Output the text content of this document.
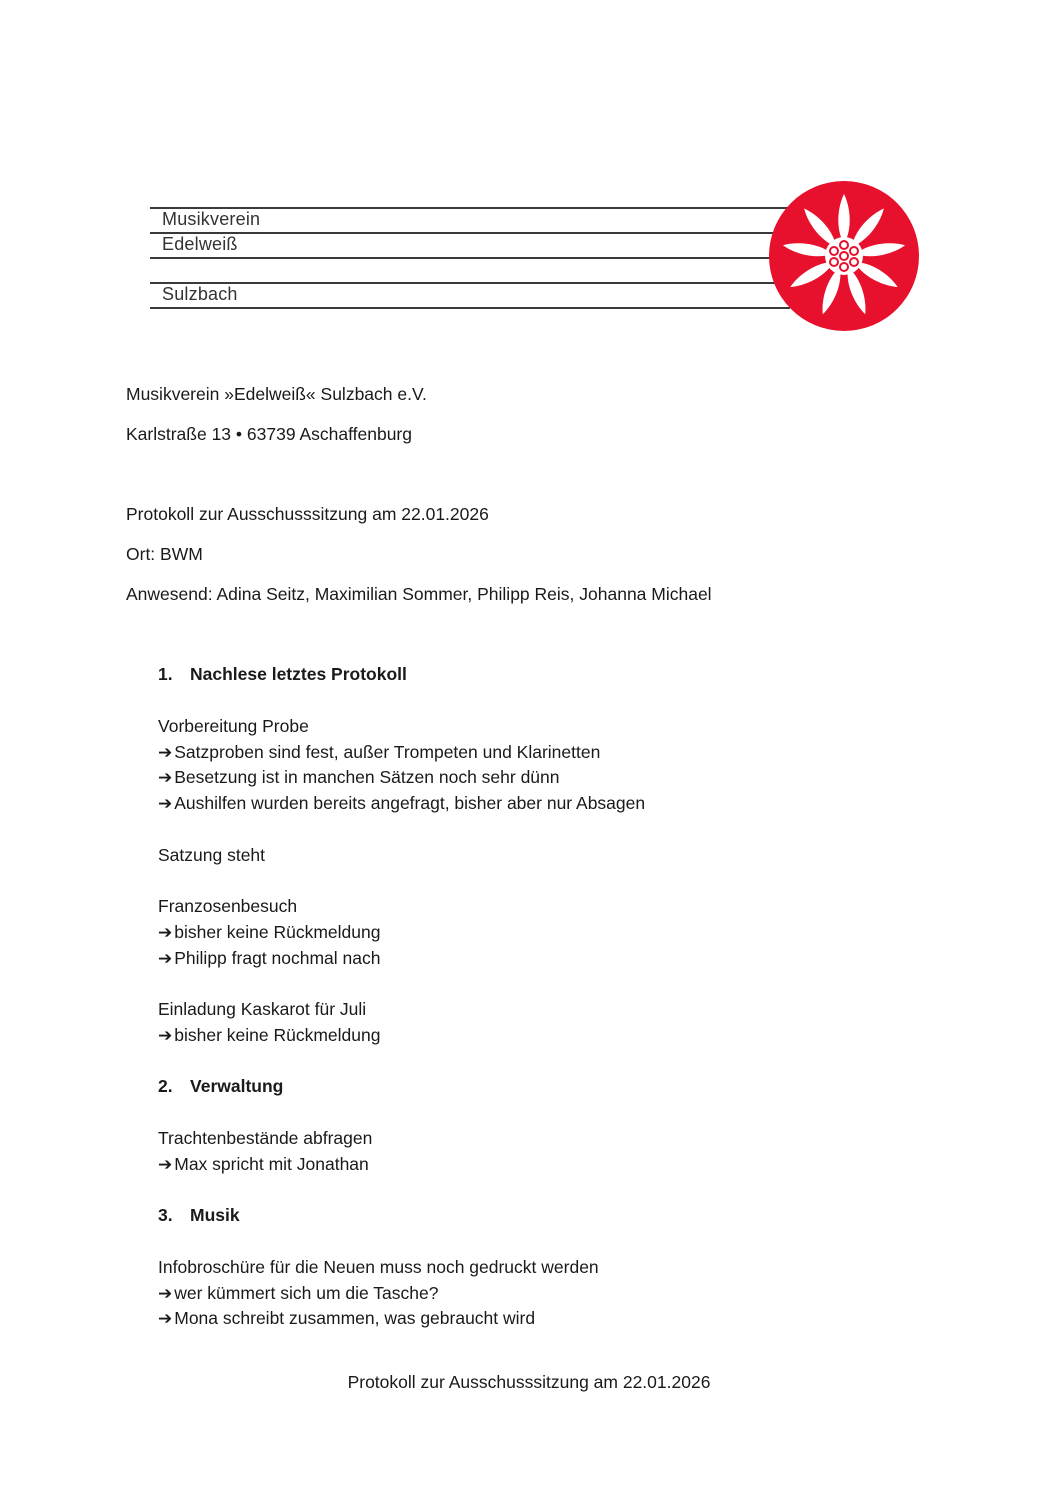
Musikverein
Edelweiß
Sulzbach
Musikverein »Edelweiß« Sulzbach e.V.
Karlstraße 13 • 63739 Aschaffenburg
Protokoll zur Ausschusssitzung am 22.01.2026
Ort: BWM
Anwesend: Adina Seitz, Maximilian Sommer, Philipp Reis, Johanna Michael
1. Nachlese letztes Protokoll
Vorbereitung Probe
➔ Satzproben sind fest, außer Trompeten und Klarinetten
➔ Besetzung ist in manchen Sätzen noch sehr dünn
➔ Aushilfen wurden bereits angefragt, bisher aber nur Absagen
Satzung steht
Franzosenbesuch
➔ bisher keine Rückmeldung
➔ Philipp fragt nochmal nach
Einladung Kaskarot für Juli
➔ bisher keine Rückmeldung
2. Verwaltung
Trachtenbestände abfragen
➔ Max spricht mit Jonathan
3. Musik
Infobroschüre für die Neuen muss noch gedruckt werden
➔ wer kümmert sich um die Tasche?
➔ Mona schreibt zusammen, was gebraucht wird
Protokoll zur Ausschusssitzung am 22.01.2026
